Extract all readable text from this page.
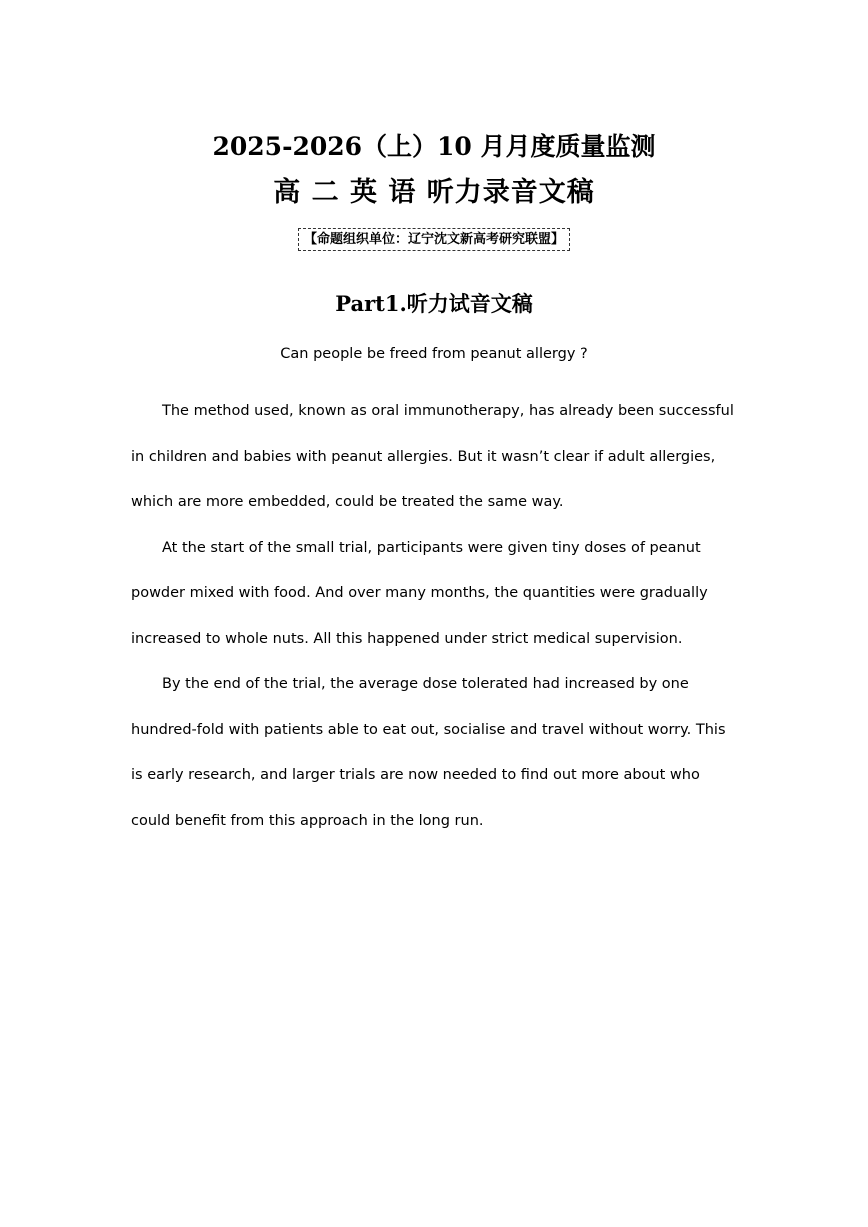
2025-2026（上）10 月月度质量监测
高 二 英 语 听力录音文稿
【命题组织单位：辽宁沈文新高考研究联盟】
Part1.听力试音文稿
Can people be freed from peanut allergy ?

The method used, known as oral immunotherapy, has already been successful in children and babies with peanut allergies. But it wasn’t clear if adult allergies, which are more embedded, could be treated the same way.

At the start of the small trial, participants were given tiny doses of peanut powder mixed with food. And over many months, the quantities were gradually increased to whole nuts. All this happened under strict medical supervision.

By the end of the trial, the average dose tolerated had increased by one hundred-fold with patients able to eat out, socialise and travel without worry. This is early research, and larger trials are now needed to find out more about who could benefit from this approach in the long run.
